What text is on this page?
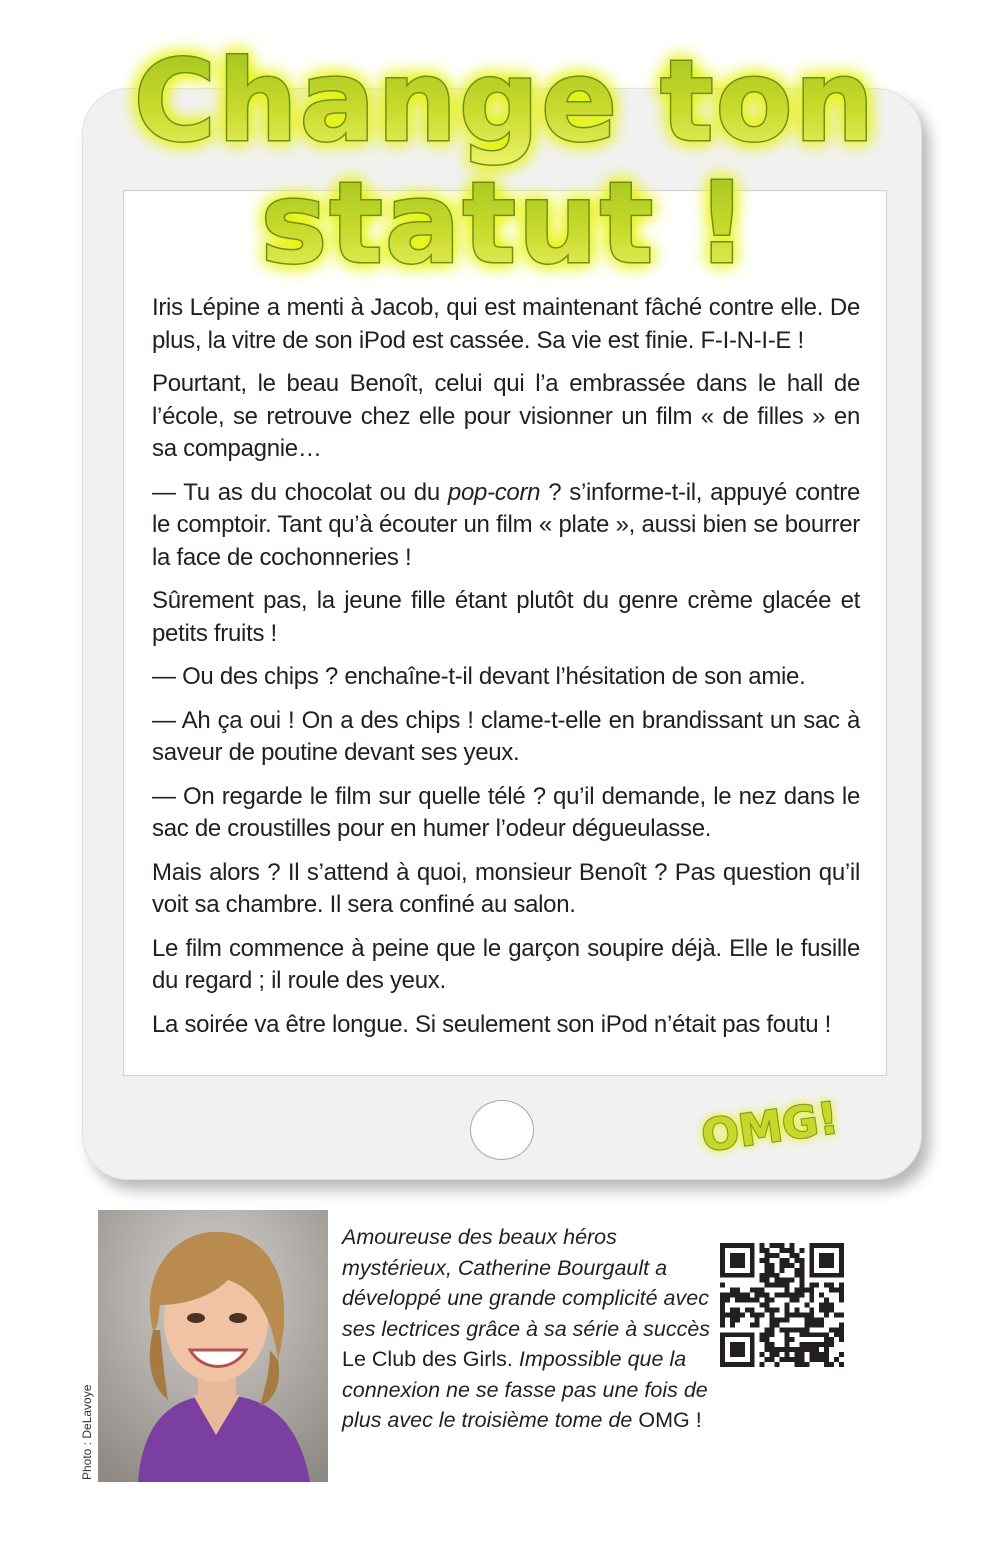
Change ton
statut !

Iris Lépine a menti à Jacob, qui est maintenant fâché contre elle. De plus, la vitre de son iPod est cassée. Sa vie est finie. F-I-N-I-E !

Pourtant, le beau Benoît, celui qui l’a embrassée dans le hall de l’école, se retrouve chez elle pour visionner un film « de filles » en sa compagnie…

— Tu as du chocolat ou du pop-corn ? s’informe-t-il, appuyé contre le comptoir. Tant qu’à écouter un film « plate », aussi bien se bourrer la face de cochonneries !

Sûrement pas, la jeune fille étant plutôt du genre crème glacée et petits fruits !

— Ou des chips ? enchaîne-t-il devant l’hésitation de son amie.

— Ah ça oui ! On a des chips ! clame-t-elle en brandissant un sac à saveur de poutine devant ses yeux.

— On regarde le film sur quelle télé ? qu’il demande, le nez dans le sac de croustilles pour en humer l’odeur dégueulasse.

Mais alors ? Il s’attend à quoi, monsieur Benoît ? Pas question qu’il voit sa chambre. Il sera confiné au salon.

Le film commence à peine que le garçon soupire déjà. Elle le fusille du regard ; il roule des yeux.

La soirée va être longue. Si seulement son iPod n’était pas foutu !

OMG!
Photo : DeLavoye
Amoureuse des beaux héros mystérieux, Catherine Bourgault a développé une grande complicité avec ses lectrices grâce à sa série à succès Le Club des Girls. Impossible que la connexion ne se fasse pas une fois de plus avec le troisième tome de OMG !
